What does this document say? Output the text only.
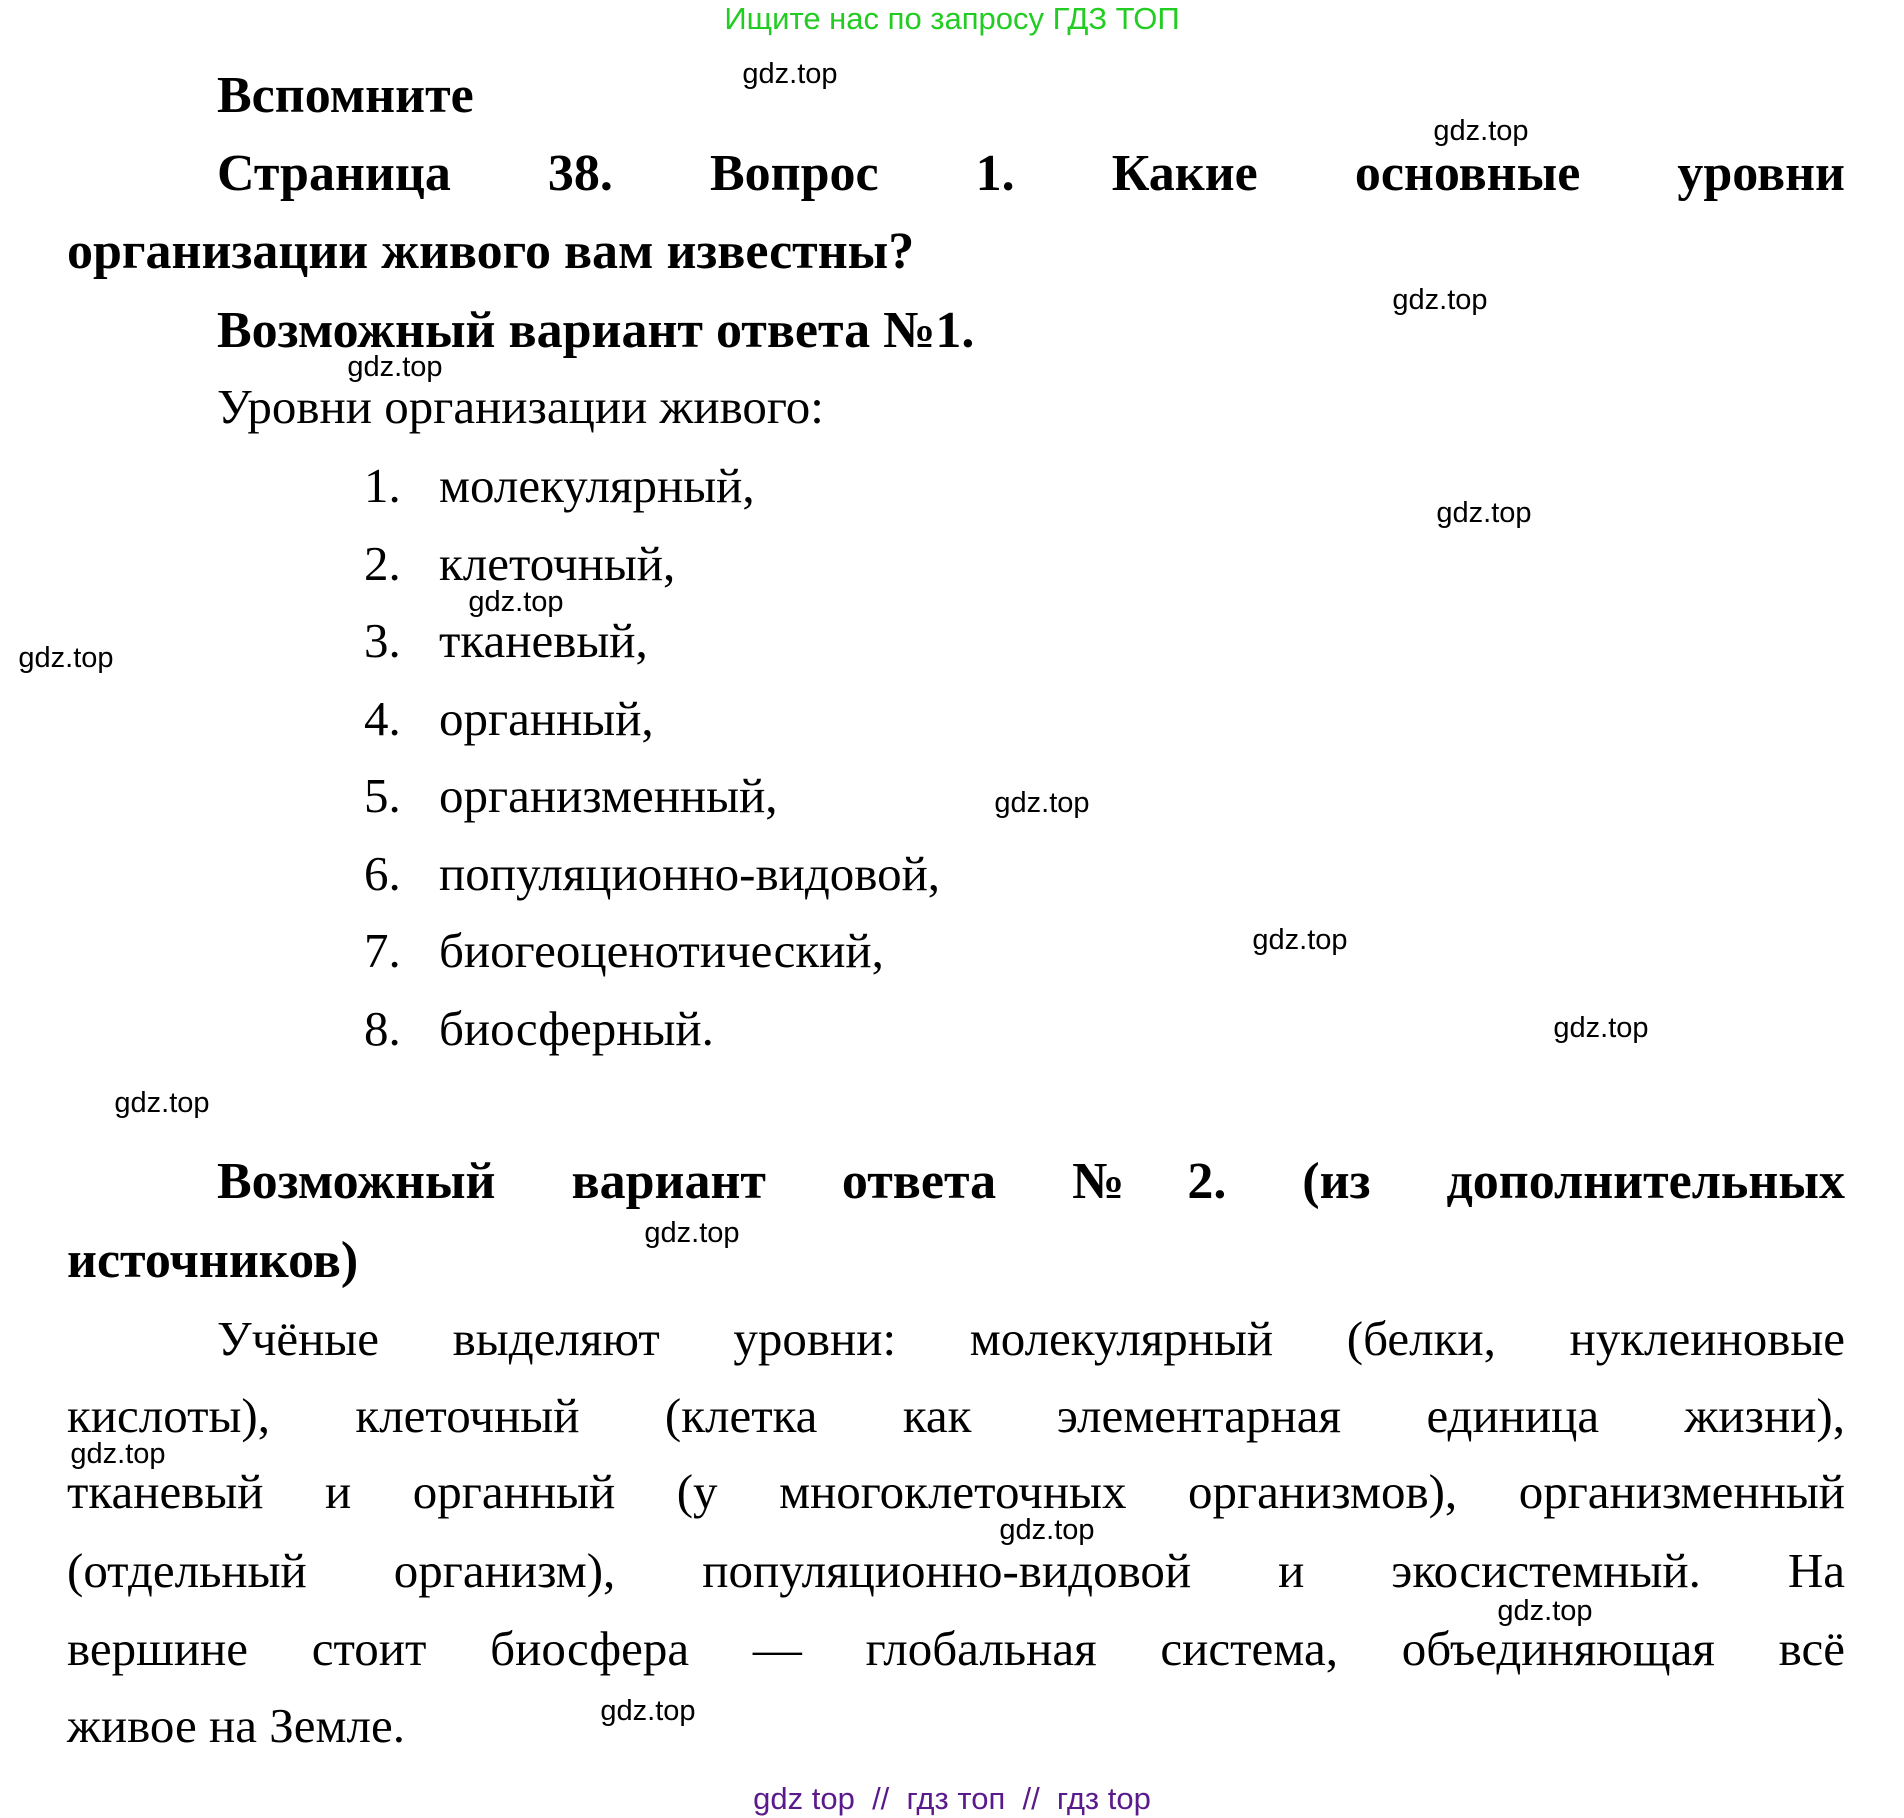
Ищите нас по запросу ГДЗ ТОП
Вспомните
Страница 38. Вопрос 1. Какие основные уровни
организации живого вам известны?
Возможный вариант ответа №1.
Уровни организации живого:
1. молекулярный,
2. клеточный,
3. тканевый,
4. органный,
5. организменный,
6. популяционно-видовой,
7. биогеоценотический,
8. биосферный.
Возможный вариант ответа №2. (из дополнительных
источников)
Учёные выделяют уровни: молекулярный (белки, нуклеиновые
кислоты), клеточный (клетка как элементарная единица жизни),
тканевый и органный (у многоклеточных организмов), организменный
(отдельный организм), популяционно-видовой и экосистемный. На
вершине стоит биосфера — глобальная система, объединяющая всё
живое на Земле.
gdz.top
gdz.top
gdz.top
gdz.top
gdz.top
gdz.top
gdz.top
gdz.top
gdz.top
gdz.top
gdz.top
gdz.top
gdz.top
gdz.top
gdz.top
gdz.top
gdz top  //  гдз топ  //  гдз top
